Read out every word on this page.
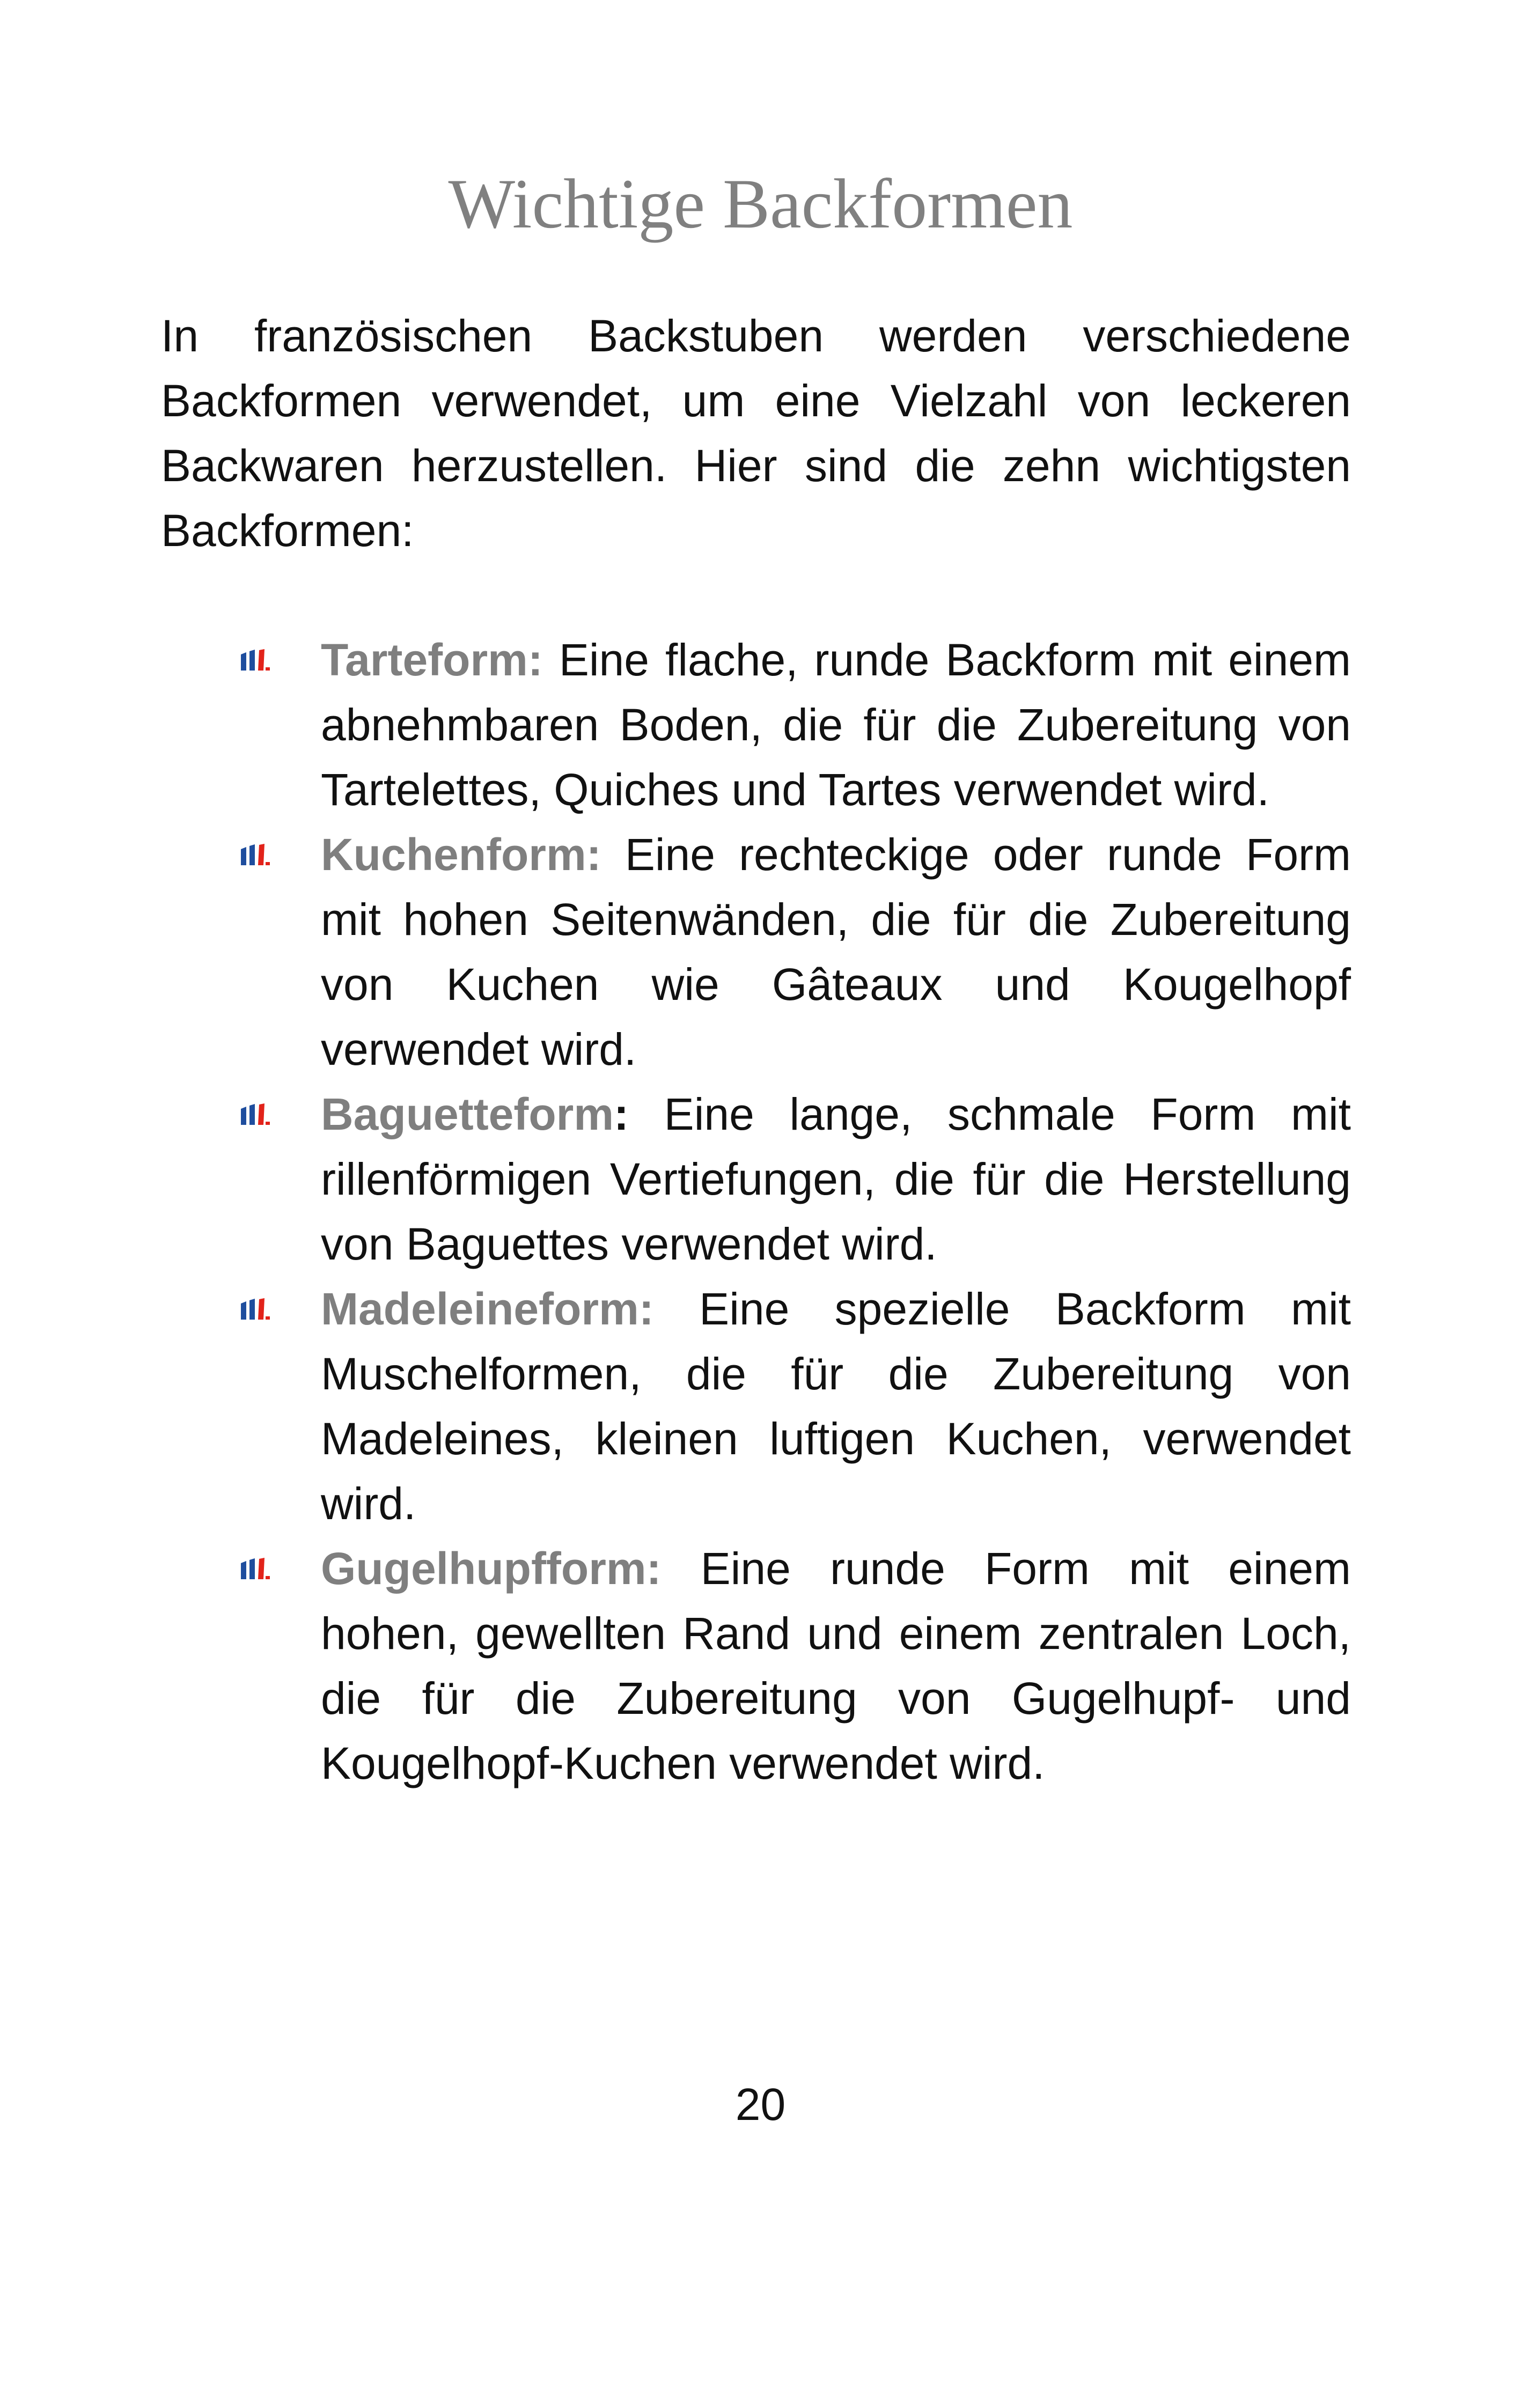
Wichtige Backformen

In französischen Backstuben werden verschiedene Backformen verwendet, um eine Vielzahl von leckeren Backwaren herzustellen. Hier sind die zehn wichtigsten Backformen:

Tarteform: Eine flache, runde Backform mit einem abnehmbaren Boden, die für die Zubereitung von Tartelettes, Quiches und Tartes verwendet wird.
Kuchenform: Eine rechteckige oder runde Form mit hohen Seitenwänden, die für die Zubereitung von Kuchen wie Gâteaux und Kougelhopf verwendet wird.
Baguetteform: Eine lange, schmale Form mit rillenförmigen Vertiefungen, die für die Herstellung von Baguettes verwendet wird.
Madeleineform: Eine spezielle Backform mit Muschelformen, die für die Zubereitung von Madeleines, kleinen luftigen Kuchen, verwendet wird.
Gugelhupfform: Eine runde Form mit einem hohen, gewellten Rand und einem zentralen Loch, die für die Zubereitung von Gugelhupf- und Kougelhopf-Kuchen verwendet wird.

20
